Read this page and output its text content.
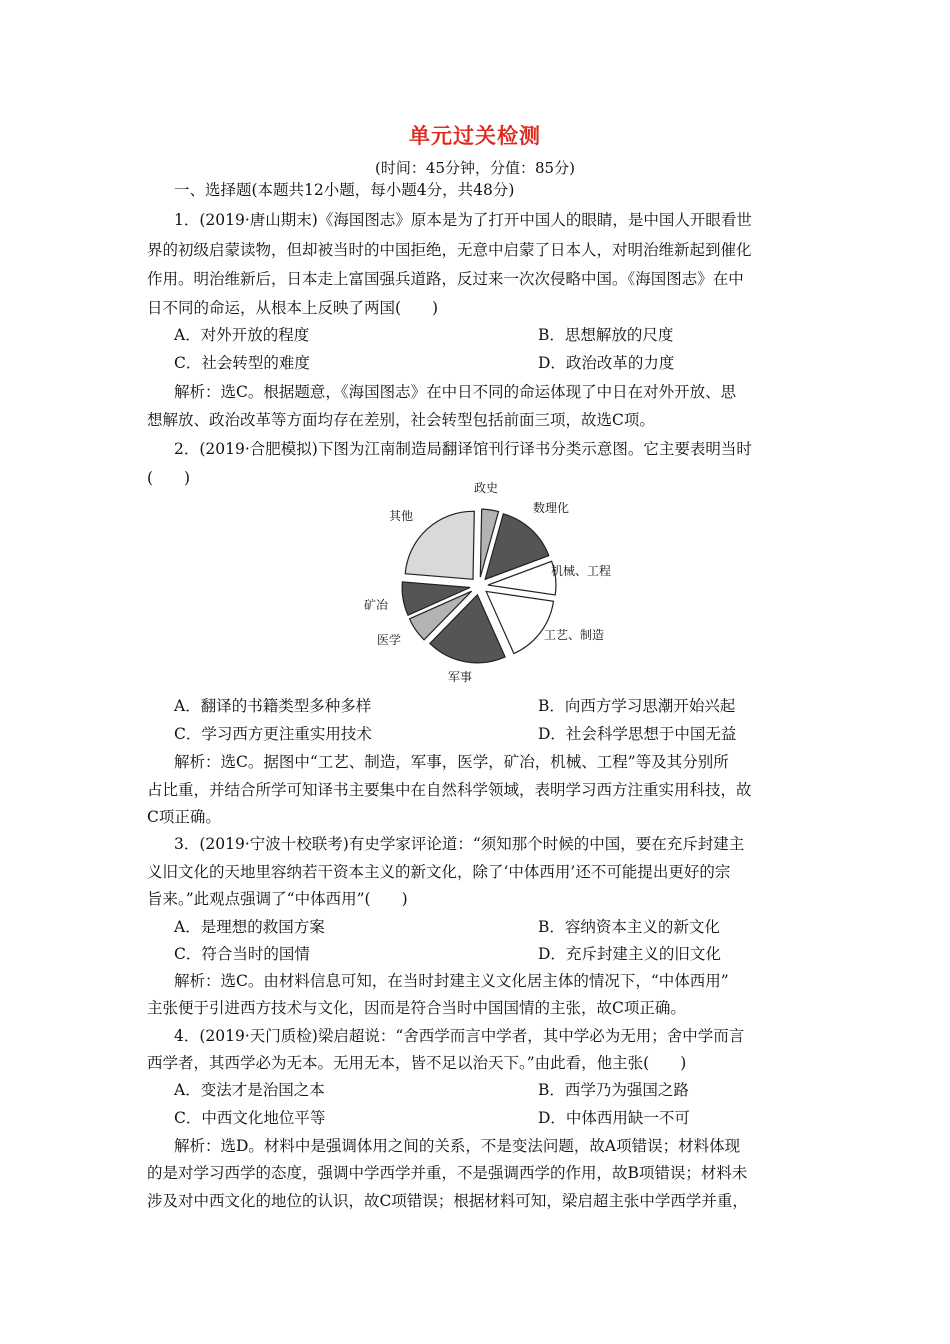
单元过关检测
(时间：45分钟，分值：85分)
一、选择题(本题共12小题，每小题4分，共48分)
1．(2019·唐山期末)《海国图志》原本是为了打开中国人的眼睛，是中国人开眼看世
界的初级启蒙读物，但却被当时的中国拒绝，无意中启蒙了日本人，对明治维新起到催化
作用。明治维新后，日本走上富国强兵道路，反过来一次次侵略中国。《海国图志》在中
日不同的命运，从根本上反映了两国(　　)
A．对外开放的程度	B．思想解放的尺度
C．社会转型的难度	D．政治改革的力度
解析：选C。根据题意，《海国图志》在中日不同的命运体现了中日在对外开放、思
想解放、政治改革等方面均存在差别，社会转型包括前面三项，故选C项。
2．(2019·合肥模拟)下图为江南制造局翻译馆刊行译书分类示意图。它主要表明当时
(　　)
政史
数理化
机械、工程
工艺、制造
军事
医学
矿冶
其他
A．翻译的书籍类型多种多样	B．向西方学习思潮开始兴起
C．学习西方更注重实用技术	D．社会科学思想于中国无益
解析：选C。据图中“工艺、制造，军事，医学，矿冶，机械、工程”等及其分别所
占比重，并结合所学可知译书主要集中在自然科学领域，表明学习西方注重实用科技，故
C项正确。
3．(2019·宁波十校联考)有史学家评论道：“须知那个时候的中国，要在充斥封建主
义旧文化的天地里容纳若干资本主义的新文化，除了‘中体西用’还不可能提出更好的宗
旨来。”此观点强调了“中体西用”(　　)
A．是理想的救国方案	B．容纳资本主义的新文化
C．符合当时的国情	D．充斥封建主义的旧文化
解析：选C。由材料信息可知，在当时封建主义文化居主体的情况下，“中体西用”
主张便于引进西方技术与文化，因而是符合当时中国国情的主张，故C项正确。
4．(2019·天门质检)梁启超说：“舍西学而言中学者，其中学必为无用；舍中学而言
西学者，其西学必为无本。无用无本，皆不足以治天下。”由此看，他主张(　　)
A．变法才是治国之本	B．西学乃为强国之路
C．中西文化地位平等	D．中体西用缺一不可
解析：选D。材料中是强调体用之间的关系，不是变法问题，故A项错误；材料体现
的是对学习西学的态度，强调中学西学并重，不是强调西学的作用，故B项错误；材料未
涉及对中西文化的地位的认识，故C项错误；根据材料可知，梁启超主张中学西学并重，
